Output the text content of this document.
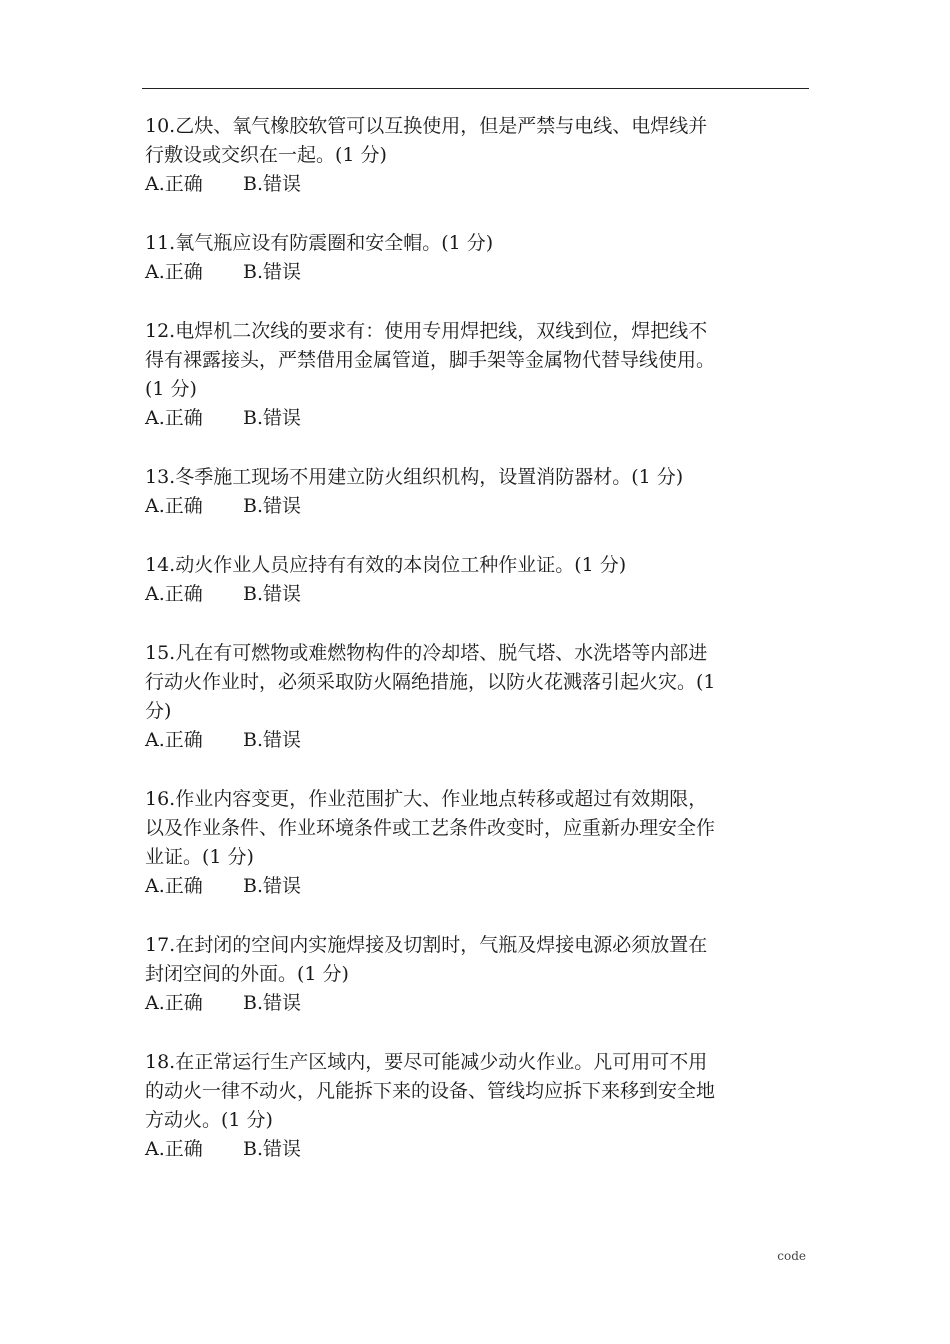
10.乙炔、氧气橡胶软管可以互换使用，但是严禁与电线、电焊线并
行敷设或交织在一起。(1 分)
A.正确 B.错误
11.氧气瓶应设有防震圈和安全帽。(1 分)
A.正确 B.错误
12.电焊机二次线的要求有：使用专用焊把线，双线到位，焊把线不
得有裸露接头，严禁借用金属管道，脚手架等金属物代替导线使用。
(1 分)
A.正确 B.错误
13.冬季施工现场不用建立防火组织机构，设置消防器材。(1 分)
A.正确 B.错误
14.动火作业人员应持有有效的本岗位工种作业证。(1 分)
A.正确 B.错误
15.凡在有可燃物或难燃物构件的冷却塔、脱气塔、水洗塔等内部进
行动火作业时，必须采取防火隔绝措施，以防火花溅落引起火灾。(1
分)
A.正确 B.错误
16.作业内容变更，作业范围扩大、作业地点转移或超过有效期限，
以及作业条件、作业环境条件或工艺条件改变时，应重新办理安全作
业证。(1 分)
A.正确 B.错误
17.在封闭的空间内实施焊接及切割时，气瓶及焊接电源必须放置在
封闭空间的外面。(1 分)
A.正确 B.错误
18.在正常运行生产区域内，要尽可能减少动火作业。凡可用可不用
的动火一律不动火，凡能拆下来的设备、管线均应拆下来移到安全地
方动火。(1 分)
A.正确 B.错误
code
